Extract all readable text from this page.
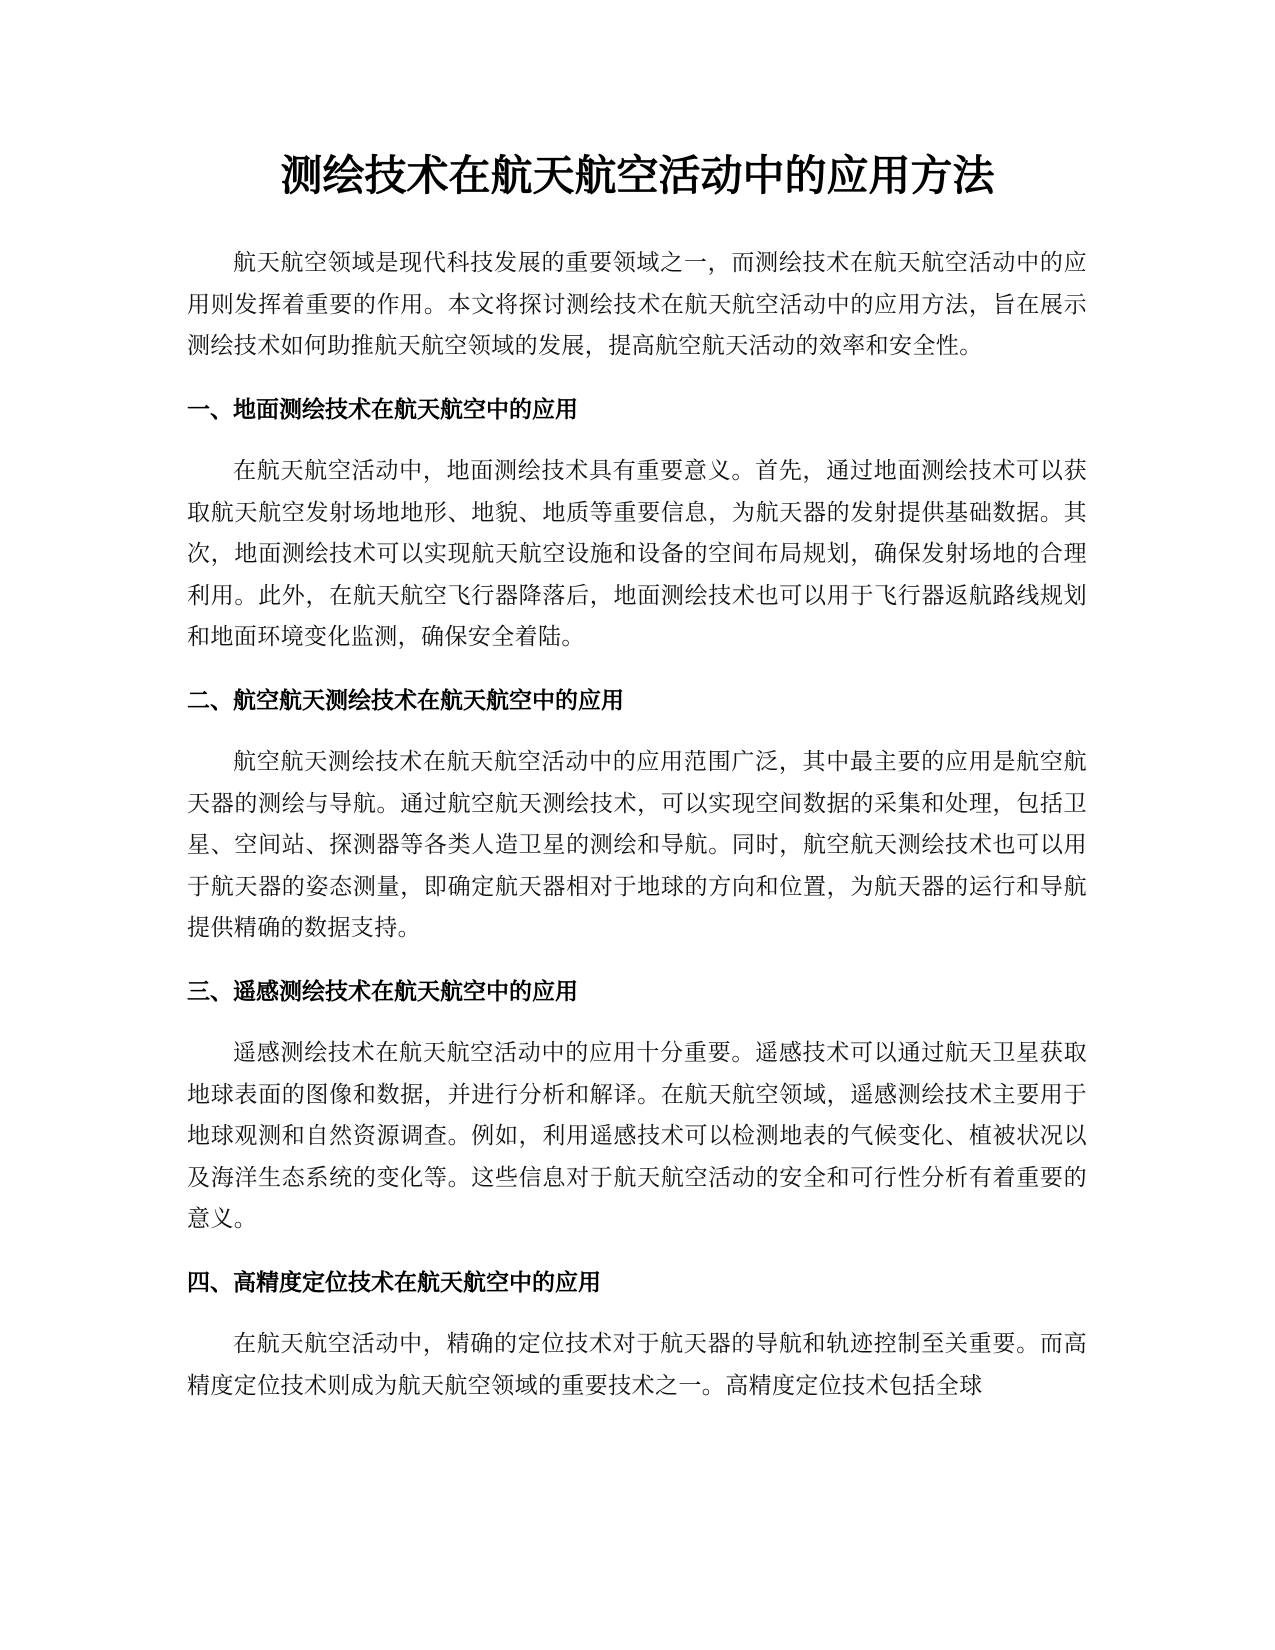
测绘技术在航天航空活动中的应用方法

航天航空领域是现代科技发展的重要领域之一，而测绘技术在航天航空活动中的应用则发挥着重要的作用。本文将探讨测绘技术在航天航空活动中的应用方法，旨在展示测绘技术如何助推航天航空领域的发展，提高航空航天活动的效率和安全性。

一、地面测绘技术在航天航空中的应用

在航天航空活动中，地面测绘技术具有重要意义。首先，通过地面测绘技术可以获取航天航空发射场地地形、地貌、地质等重要信息，为航天器的发射提供基础数据。其次，地面测绘技术可以实现航天航空设施和设备的空间布局规划，确保发射场地的合理利用。此外，在航天航空飞行器降落后，地面测绘技术也可以用于飞行器返航路线规划和地面环境变化监测，确保安全着陆。

二、航空航天测绘技术在航天航空中的应用

航空航天测绘技术在航天航空活动中的应用范围广泛，其中最主要的应用是航空航天器的测绘与导航。通过航空航天测绘技术，可以实现空间数据的采集和处理，包括卫星、空间站、探测器等各类人造卫星的测绘和导航。同时，航空航天测绘技术也可以用于航天器的姿态测量，即确定航天器相对于地球的方向和位置，为航天器的运行和导航提供精确的数据支持。

三、遥感测绘技术在航天航空中的应用

遥感测绘技术在航天航空活动中的应用十分重要。遥感技术可以通过航天卫星获取地球表面的图像和数据，并进行分析和解译。在航天航空领域，遥感测绘技术主要用于地球观测和自然资源调查。例如，利用遥感技术可以检测地表的气候变化、植被状况以及海洋生态系统的变化等。这些信息对于航天航空活动的安全和可行性分析有着重要的意义。

四、高精度定位技术在航天航空中的应用

在航天航空活动中，精确的定位技术对于航天器的导航和轨迹控制至关重要。而高精度定位技术则成为航天航空领域的重要技术之一。高精度定位技术包括全球
